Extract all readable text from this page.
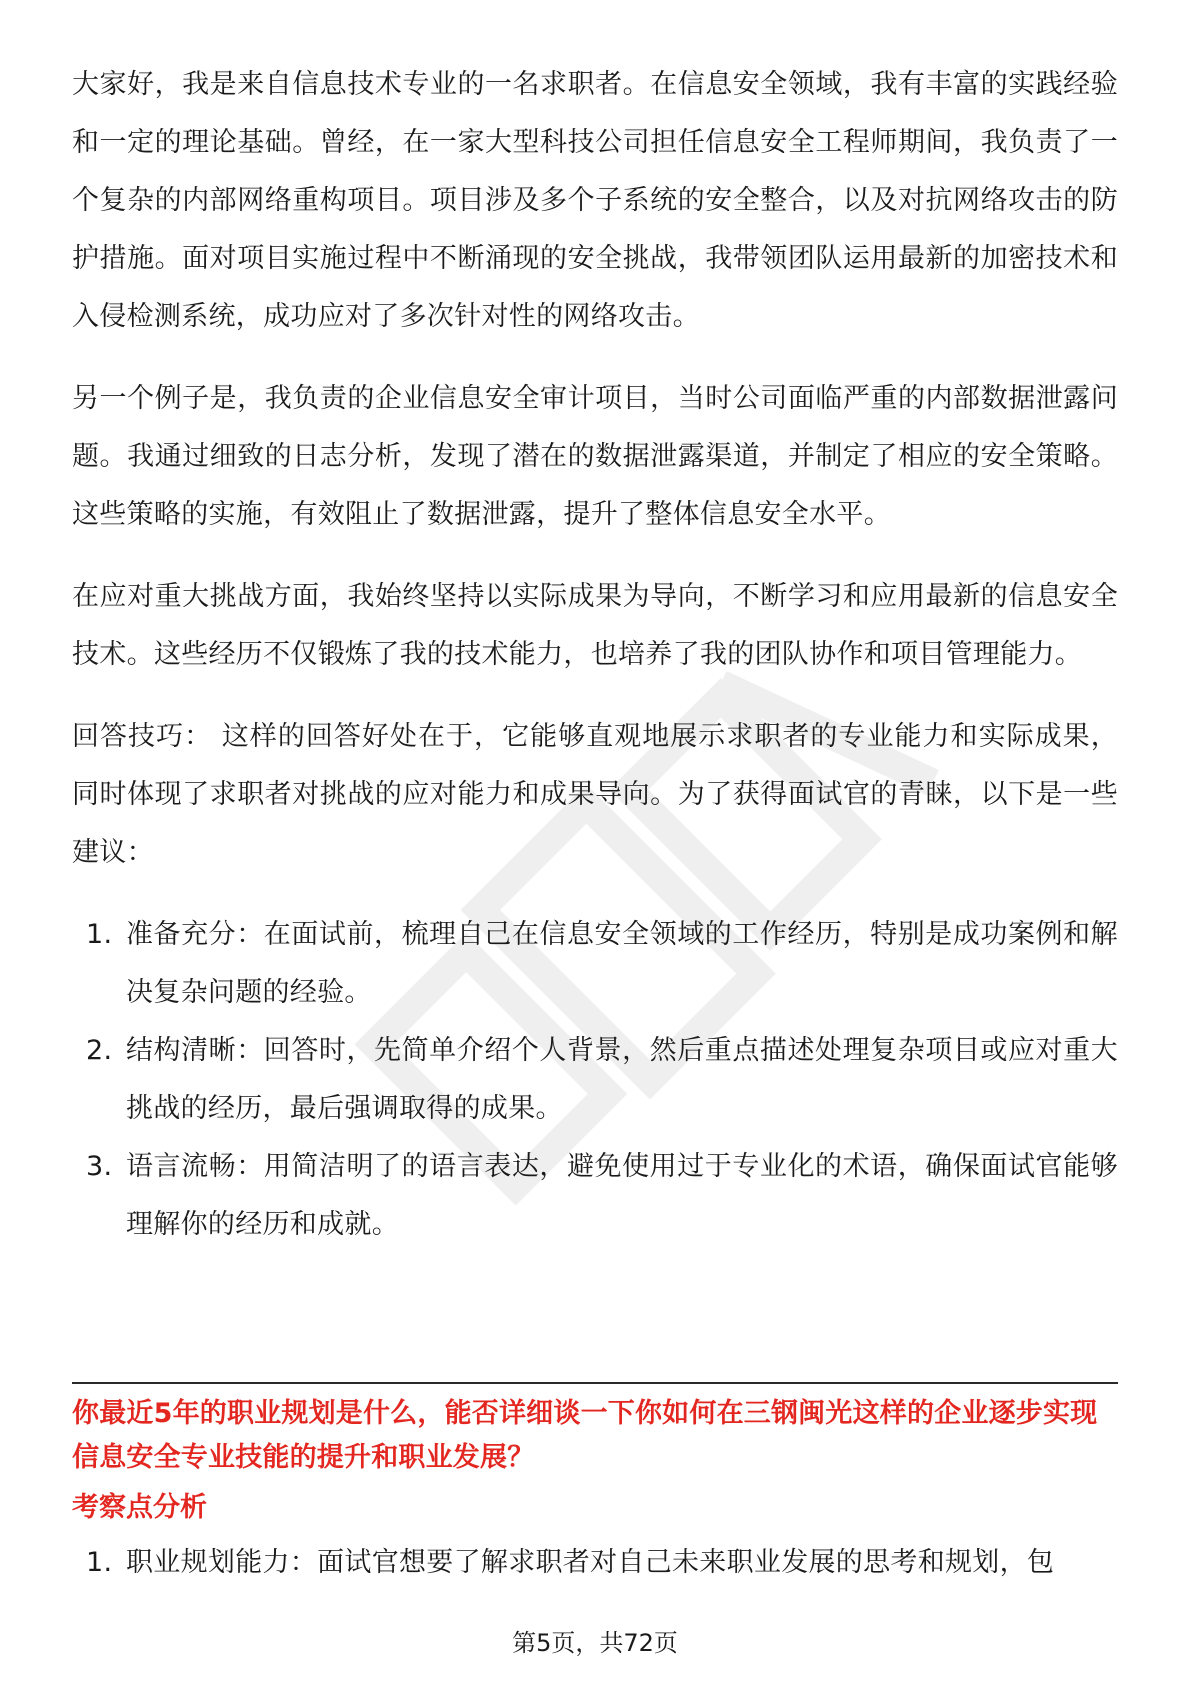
大家好，我是来自信息技术专业的一名求职者。在信息安全领域，我有丰富的实践经验和一定的理论基础。曾经，在一家大型科技公司担任信息安全工程师期间，我负责了一个复杂的内部网络重构项目。项目涉及多个子系统的安全整合，以及对抗网络攻击的防护措施。面对项目实施过程中不断涌现的安全挑战，我带领团队运用最新的加密技术和入侵检测系统，成功应对了多次针对性的网络攻击。

另一个例子是，我负责的企业信息安全审计项目，当时公司面临严重的内部数据泄露问题。我通过细致的日志分析，发现了潜在的数据泄露渠道，并制定了相应的安全策略。这些策略的实施，有效阻止了数据泄露，提升了整体信息安全水平。

在应对重大挑战方面，我始终坚持以实际成果为导向，不断学习和应用最新的信息安全技术。这些经历不仅锻炼了我的技术能力，也培养了我的团队协作和项目管理能力。

回答技巧： 这样的回答好处在于，它能够直观地展示求职者的专业能力和实际成果，同时体现了求职者对挑战的应对能力和成果导向。为了获得面试官的青睐，以下是一些建议：

1. 准备充分：在面试前，梳理自己在信息安全领域的工作经历，特别是成功案例和解决复杂问题的经验。
2. 结构清晰：回答时，先简单介绍个人背景，然后重点描述处理复杂项目或应对重大挑战的经历，最后强调取得的成果。
3. 语言流畅：用简洁明了的语言表达，避免使用过于专业化的术语，确保面试官能够理解你的经历和成就。
你最近5年的职业规划是什么，能否详细谈一下你如何在三钢闽光这样的企业逐步实现信息安全专业技能的提升和职业发展？
考察点分析
1. 职业规划能力：面试官想要了解求职者对自己未来职业发展的思考和规划，包
第5页，共72页
